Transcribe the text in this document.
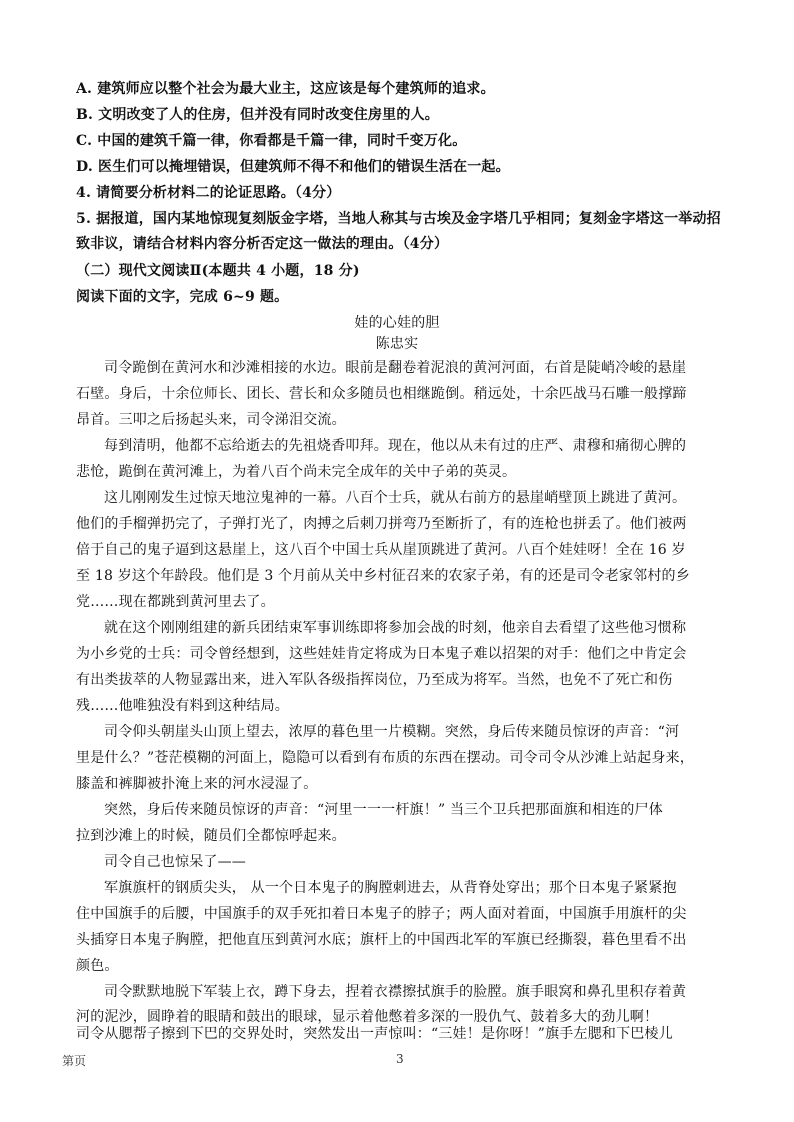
A. 建筑师应以整个社会为最大业主，这应该是每个建筑师的追求。
B. 文明改变了人的住房，但并没有同时改变住房里的人。
C. 中国的建筑千篇一律，你看都是千篇一律，同时千变万化。
D. 医生们可以掩埋错误，但建筑师不得不和他们的错误生活在一起。
4. 请简要分析材料二的论证思路。（4分）
5. 据报道，国内某地惊现复刻版金字塔，当地人称其与古埃及金字塔几乎相同；复刻金字塔这一举动招
致非议，请结合材料内容分析否定这一做法的理由。（4分）
（二）现代文阅读Ⅱ(本题共 4 小题，18 分)
阅读下面的文字，完成 6~9 题。
娃的心娃的胆
陈忠实
司令跪倒在黄河水和沙滩相接的水边。眼前是翻卷着泥浪的黄河河面，右首是陡峭冷峻的悬崖
石壁。身后，十余位师长、团长、营长和众多随员也相继跪倒。稍远处，十余匹战马石雕一般撑蹄
昂首。三叩之后扬起头来，司令涕泪交流。
每到清明，他都不忘给逝去的先祖烧香叩拜。现在，他以从未有过的庄严、肃穆和痛彻心脾的
悲怆，跪倒在黄河滩上，为着八百个尚未完全成年的关中子弟的英灵。
这儿刚刚发生过惊天地泣鬼神的一幕。八百个士兵，就从右前方的悬崖峭壁顶上跳进了黄河。
他们的手榴弹扔完了，子弹打光了，肉搏之后刺刀拼弯乃至断折了，有的连枪也拼丢了。他们被两
倍于自己的鬼子逼到这悬崖上，这八百个中国士兵从崖顶跳进了黄河。八百个娃娃呀！全在 16 岁
至 18 岁这个年龄段。他们是 3 个月前从关中乡村征召来的农家子弟，有的还是司令老家邻村的乡
党……现在都跳到黄河里去了。
就在这个刚刚组建的新兵团结束军事训练即将参加会战的时刻，他亲自去看望了这些他习惯称
为小乡党的士兵：司令曾经想到，这些娃娃肯定将成为日本鬼子难以招架的对手：他们之中肯定会
有出类拔萃的人物显露出来，进入军队各级指挥岗位，乃至成为将军。当然，也免不了死亡和伤
残……他唯独没有料到这种结局。
司令仰头朝崖头山顶上望去，浓厚的暮色里一片模糊。突然，身后传来随员惊讶的声音：“河
里是什么？”苍茫模糊的河面上，隐隐可以看到有布质的东西在摆动。司令司令从沙滩上站起身来，
膝盖和裤脚被扑淹上来的河水浸湿了。
突然，身后传来随员惊讶的声音：“河里一一一杆旗！” 当三个卫兵把那面旗和相连的尸体
拉到沙滩上的时候，随员们全都惊呼起来。
司令自己也惊呆了——
军旗旗杆的钢质尖头， 从一个日本鬼子的胸膛刺进去，从背脊处穿出；那个日本鬼子紧紧抱
住中国旗手的后腰，中国旗手的双手死扣着日本鬼子的脖子；两人面对着面，中国旗手用旗杆的尖
头插穿日本鬼子胸膛，把他直压到黄河水底；旗杆上的中国西北军的军旗已经撕裂，暮色里看不出
颜色。
司令默默地脱下军装上衣，蹲下身去，捏着衣襟擦拭旗手的脸膛。旗手眼窝和鼻孔里积存着黄
河的泥沙，圆睁着的眼睛和鼓出的眼球，显示着他憋着多深的一股仇气、鼓着多大的劲儿啊！
司令从腮帮子擦到下巴的交界处时，突然发出一声惊叫：“三娃！是你呀！”旗手左腮和下巴棱儿
第页	3
